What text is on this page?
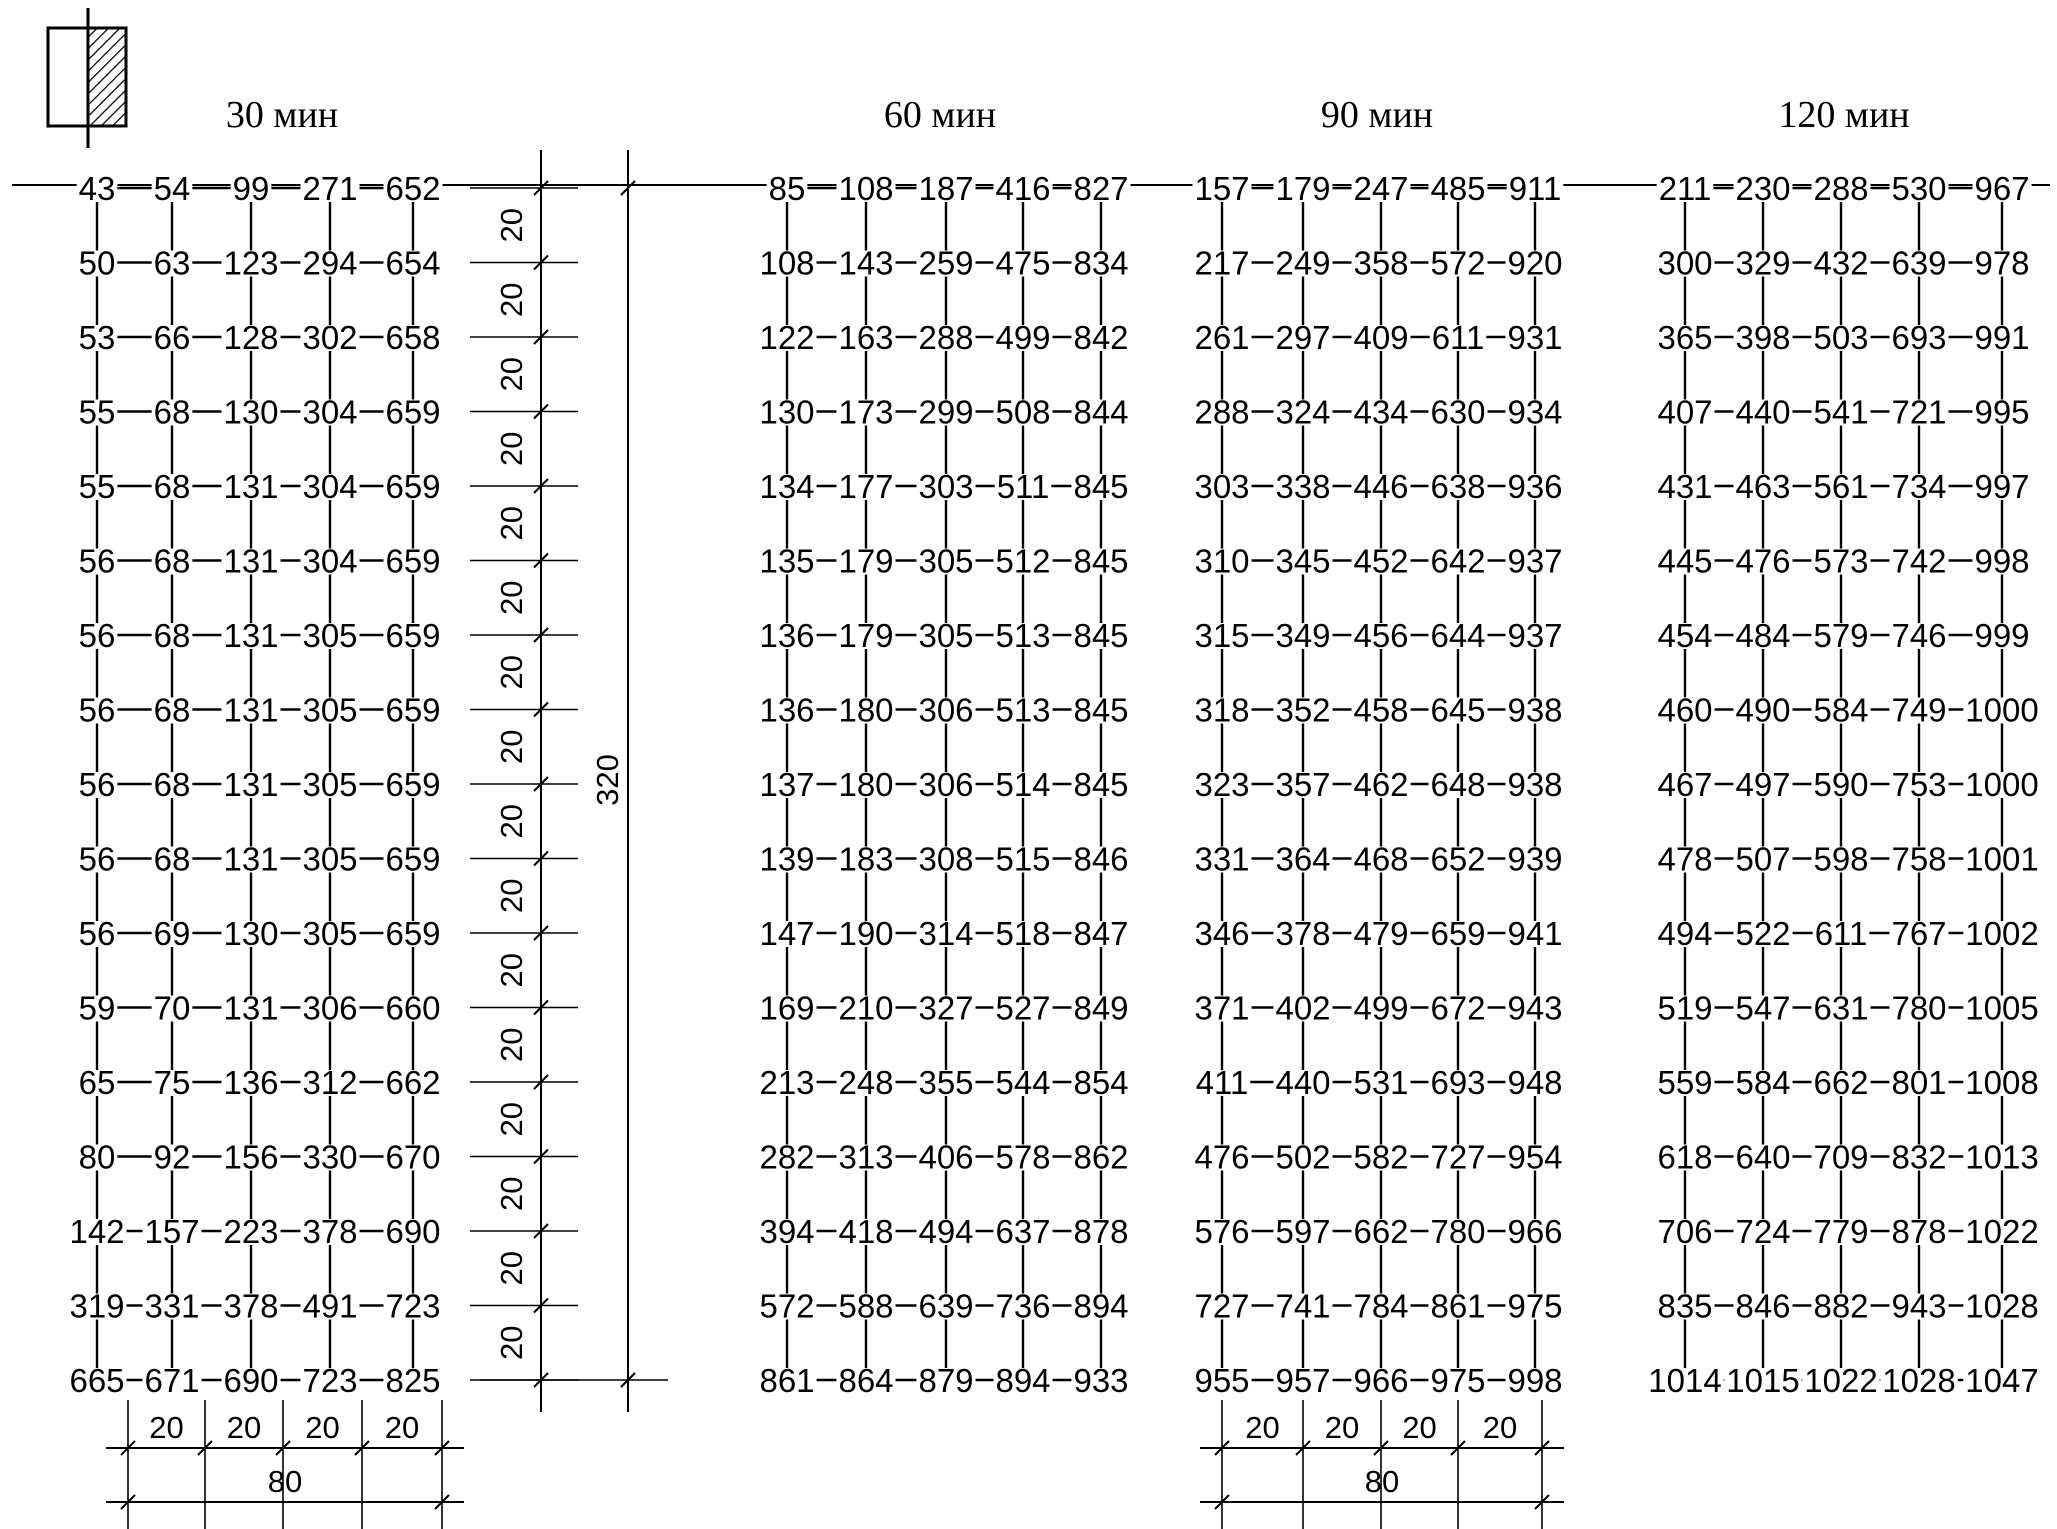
30 мин
43 54 99 271 652
50 63 123 294 654
53 66 128 302 658
55 68 130 304 659
55 68 131 304 659
56 68 131 304 659
56 68 131 305 659
56 68 131 305 659
56 68 131 305 659
56 68 131 305 659
56 69 130 305 659
59 70 131 306 660
65 75 136 312 662
80 92 156 330 670
142 157 223 378 690
319 331 378 491 723
665 671 690 723 825
60 мин
85 108 187 416 827
108 143 259 475 834
122 163 288 499 842
130 173 299 508 844
134 177 303 511 845
135 179 305 512 845
136 179 305 513 845
136 180 306 513 845
137 180 306 514 845
139 183 308 515 846
147 190 314 518 847
169 210 327 527 849
213 248 355 544 854
282 313 406 578 862
394 418 494 637 878
572 588 639 736 894
861 864 879 894 933
90 мин
157 179 247 485 911
217 249 358 572 920
261 297 409 611 931
288 324 434 630 934
303 338 446 638 936
310 345 452 642 937
315 349 456 644 937
318 352 458 645 938
323 357 462 648 938
331 364 468 652 939
346 378 479 659 941
371 402 499 672 943
411 440 531 693 948
476 502 582 727 954
576 597 662 780 966
727 741 784 861 975
955 957 966 975 998
120 мин
211 230 288 530 967
300 329 432 639 978
365 398 503 693 991
407 440 541 721 995
431 463 561 734 997
445 476 573 742 998
454 484 579 746 999
460 490 584 749 1000
467 497 590 753 1000
478 507 598 758 1001
494 522 611 767 1002
519 547 631 780 1005
559 584 662 801 1008
618 640 709 832 1013
706 724 779 878 1022
835 846 882 943 1028
1014 1015 1022 1028 1047
20
20
20
20
20
20
20
20
20
20
20
20
20
20
20
20
320
20 20 20 20
80
20 20 20 20
80
